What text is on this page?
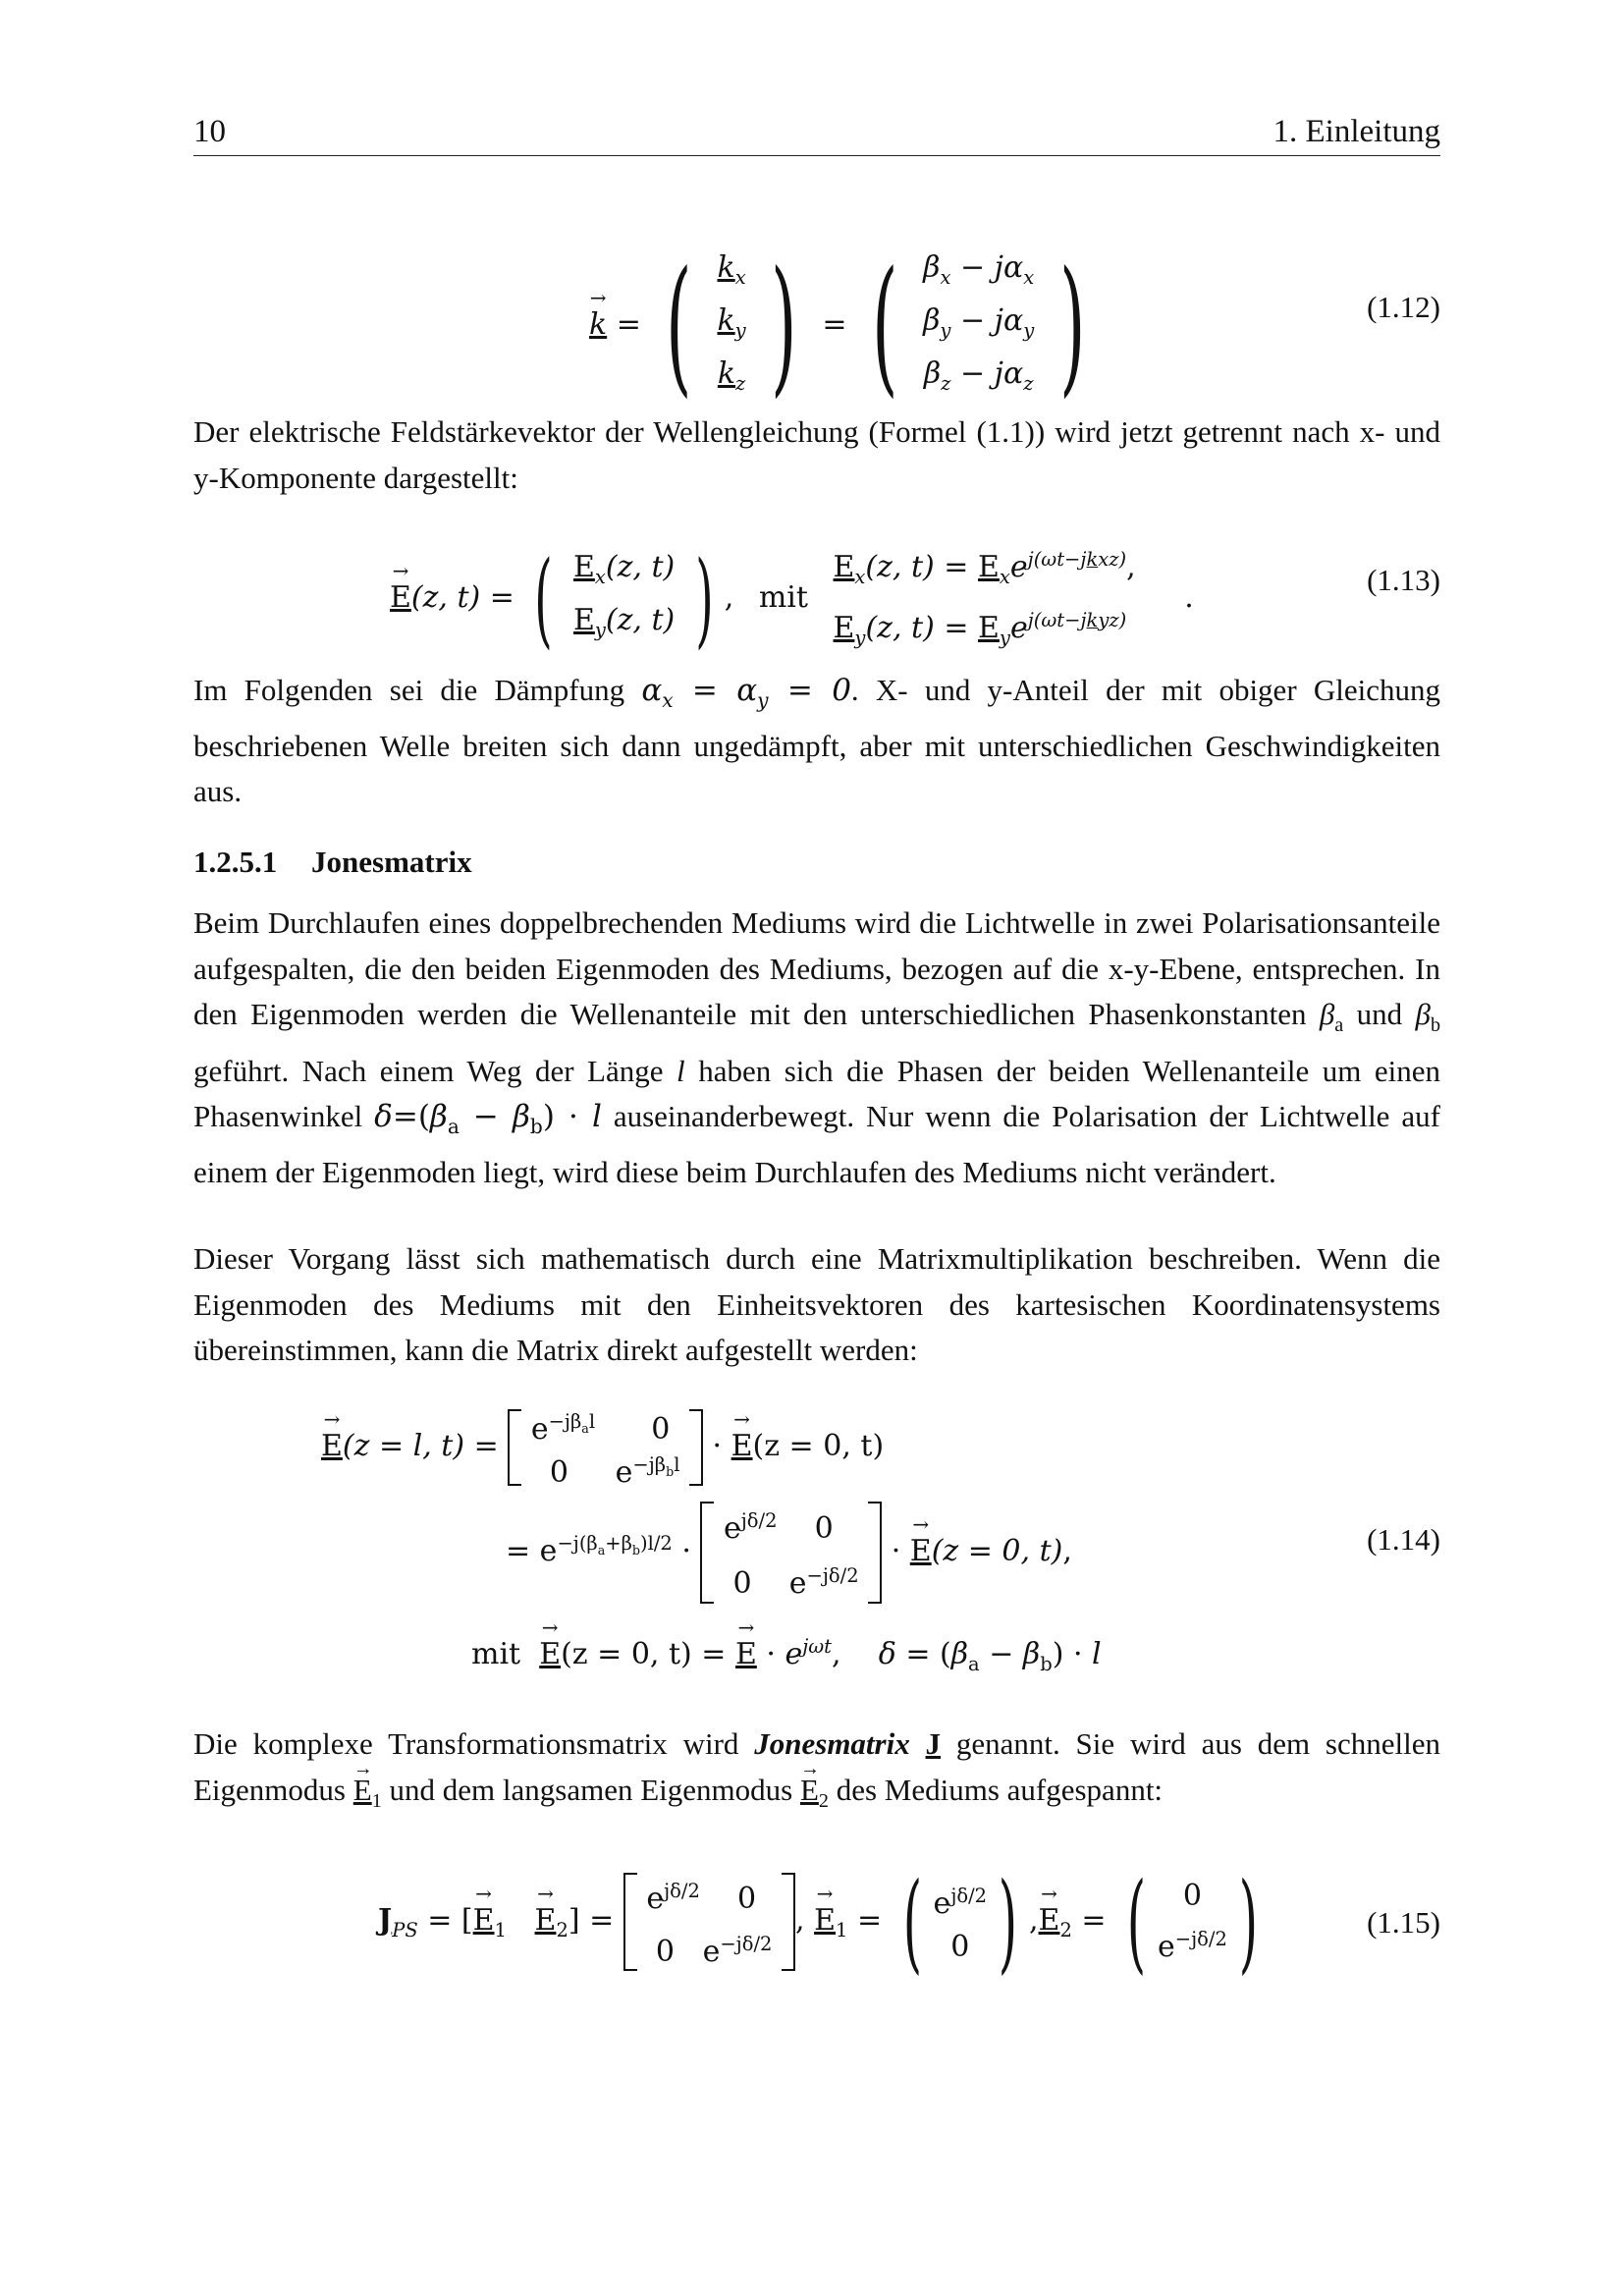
10	1. Einleitung
→ k = ( $k_x$
$k_y$
$k_z$ ) = ( $\beta_x - j\alpha_x$
$\beta_y - j\alpha_y$
$\beta_z - j\alpha_z$ )	(1.12)
Der elektrische Feldstärkevektor der Wellengleichung (Formel (1.1)) wird jetzt getrennt nach x- und y-Komponente dargestellt:
→ E(z, t) = ( $E_x(z$, t)
$E_y(z$, t) ) , mit
$E_x(z$, $t) = E_xe^{j(\omega t-jkxz)}$,
$E_y(z$, $t) = E_ye^{j(\omega t-jkyz)}$
.
(1.13)
Im Folgenden sei die Dämpfung $\alpha_x = \alpha_y = 0$. X- und y-Anteil der mit obiger Gleichung beschriebenen Welle breiten sich dann ungedämpft, aber mit unterschiedlichen Geschwindigkeiten aus.
1.2.5.1 Jonesmatrix
Beim Durchlaufen eines doppelbrechenden Mediums wird die Lichtwelle in zwei Polarisationsanteile aufgespalten, die den beiden Eigenmoden des Mediums, bezogen auf die x-y-Ebene, entsprechen. In den Eigenmoden werden die Wellenanteile mit den unterschiedlichen Phasenkonstanten $\beta_a$ und $\beta_b$ geführt. Nach einem Weg der Länge l haben sich die Phasen der beiden Wellenanteile um einen Phasenwinkel $\delta=(\beta_a - \beta_b) \cdot l$ auseinanderbewegt. Nur wenn die Polarisation der Lichtwelle auf einem der Eigenmoden liegt, wird diese beim Durchlaufen des Mediums nicht verändert.
Dieser Vorgang lässt sich mathematisch durch eine Matrixmultiplikation beschreiben. Wenn die Eigenmoden des Mediums mit den Einheitsvektoren des kartesischen Koordinatensystems übereinstimmen, kann die Matrix direkt aufgestellt werden:
→ E(z = l, $t) = e^{-j\beta_al}$      0
0     $e^{-j\beta_bl}$
· → E(z = 0, t)
= $e^{-j(\beta_a+\beta_b)l/2}$ ·
$e^{j\delta/2}$    0
0    $e^{-j\delta/2}$
· → E(z = 0, t),	(1.14)
mit → E(z = 0, t) = → $E \cdot e^{j\omega t}$,    $\delta = (\beta_a - \beta_b) \cdot l$
Die komplexe Transformationsmatrix wird Jonesmatrix J genannt. Sie wird aus dem schnellen Eigenmodus → $E_1$ und dem langsamen Eigenmodus → $E_2$ des Mediums aufgespannt:
$J_{PS}$ = [→ $E_1 \to E_2$] =
$e^{j\delta/2}$    0
0   $e^{-j\delta/2}$
, → $E_1$ = ( $e^{j\delta/2}$
0 ) ,→ $E_2$ = (	0
$e^{-j\delta/2}$ )	(1.15)
